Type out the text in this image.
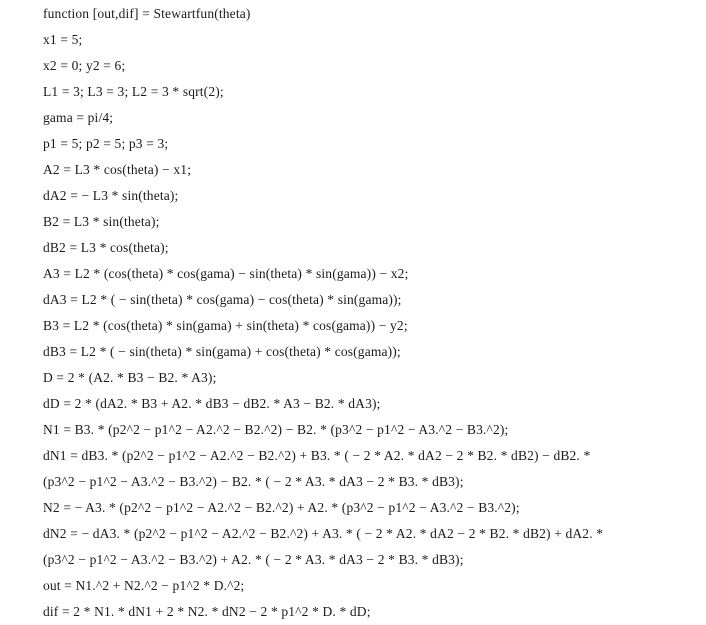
function [out,dif] = Stewartfun(theta)

x1 = 5;

x2 = 0; y2 = 6;

L1 = 3; L3 = 3; L2 = 3 * sqrt(2);

gama = pi/4;

p1 = 5; p2 = 5; p3 = 3;

A2 = L3 * cos(theta) − x1;

dA2 = − L3 * sin(theta);

B2 = L3 * sin(theta);

dB2 = L3 * cos(theta);

A3 = L2 * (cos(theta) * cos(gama) − sin(theta) * sin(gama)) − x2;

dA3 = L2 * ( − sin(theta) * cos(gama) − cos(theta) * sin(gama));

B3 = L2 * (cos(theta) * sin(gama) + sin(theta) * cos(gama)) − y2;

dB3 = L2 * ( − sin(theta) * sin(gama) + cos(theta) * cos(gama));

D = 2 * (A2. * B3 − B2. * A3);

dD = 2 * (dA2. * B3 + A2. * dB3 − dB2. * A3 − B2. * dA3);

N1 = B3. * (p2^2 − p1^2 − A2.^2 − B2.^2) − B2. * (p3^2 − p1^2 − A3.^2 − B3.^2);

dN1 = dB3. * (p2^2 − p1^2 − A2.^2 − B2.^2) + B3. * ( − 2 * A2. * dA2 − 2 * B2. * dB2) − dB2. *

(p3^2 − p1^2 − A3.^2 − B3.^2) − B2. * ( − 2 * A3. * dA3 − 2 * B3. * dB3);

N2 = − A3. * (p2^2 − p1^2 − A2.^2 − B2.^2) + A2. * (p3^2 − p1^2 − A3.^2 − B3.^2);

dN2 = − dA3. * (p2^2 − p1^2 − A2.^2 − B2.^2) + A3. * ( − 2 * A2. * dA2 − 2 * B2. * dB2) + dA2. *

(p3^2 − p1^2 − A3.^2 − B3.^2) + A2. * ( − 2 * A3. * dA3 − 2 * B3. * dB3);

out = N1.^2 + N2.^2 − p1^2 * D.^2;

dif = 2 * N1. * dN1 + 2 * N2. * dN2 − 2 * p1^2 * D. * dD;
